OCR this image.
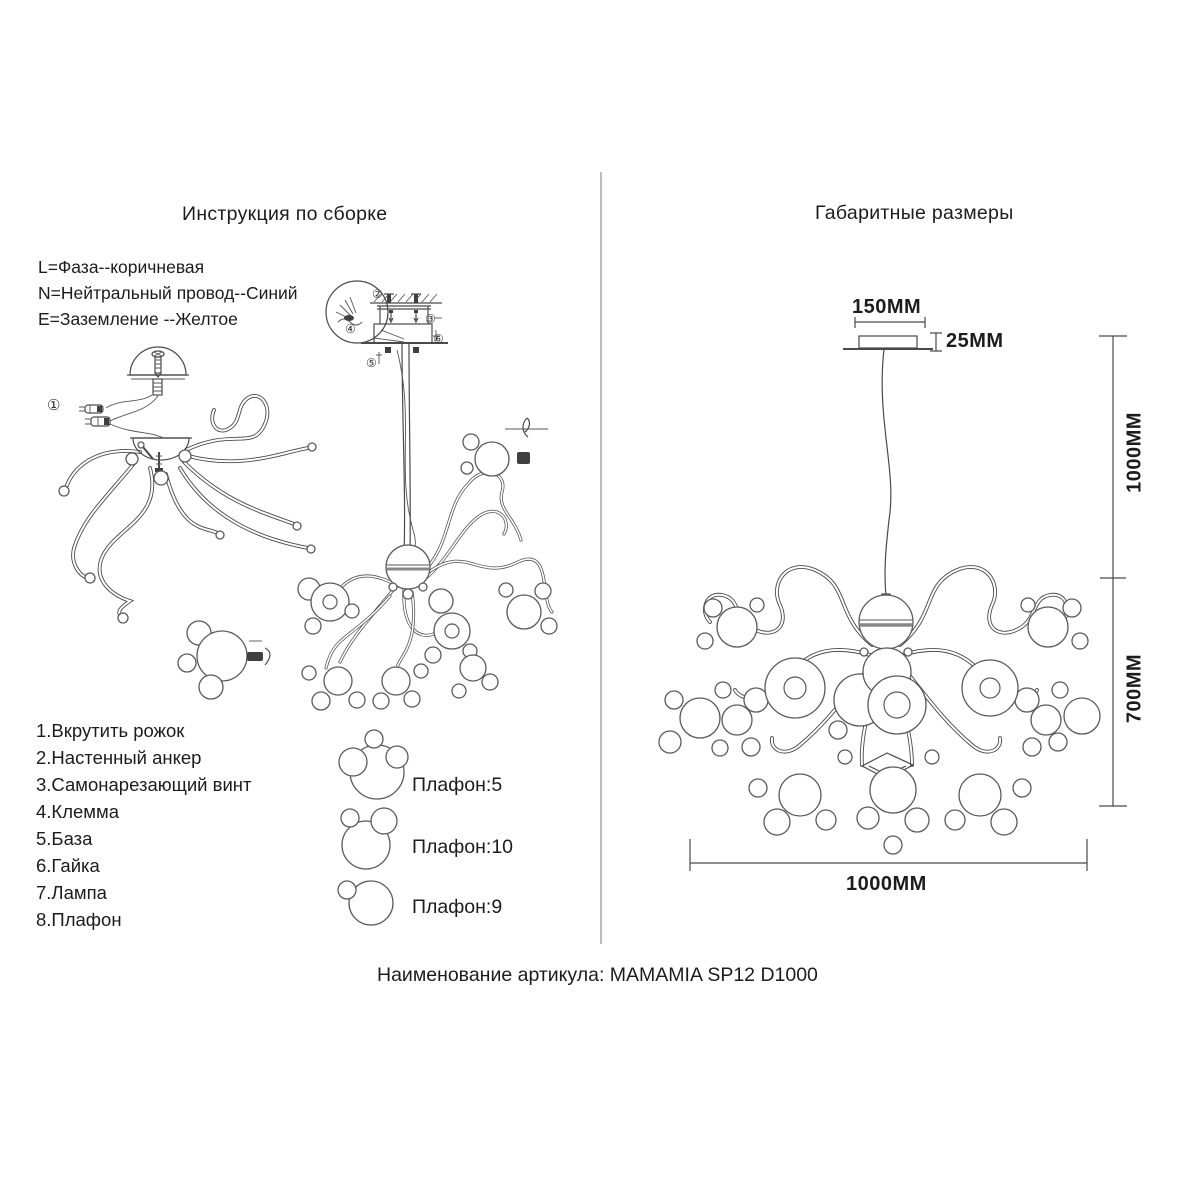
Инструкция по сборке	Габаритные размеры
L=Фаза--коричневая
N=Нейтральный провод--Синий
E=Заземление --Желтое
1.Вкрутить рожок
2.Настенный анкер
3.Самонарезающий винт
4.Клемма
5.База
6.Гайка
7.Лампа
8.Плафон
Плафон:5
Плафон:10
Плафон:9
150MM
25MM
1000MM
700MM
1000MM
①
②
③
④
⑤
⑥
Наименование артикула: MAMAMIA SP12 D1000
